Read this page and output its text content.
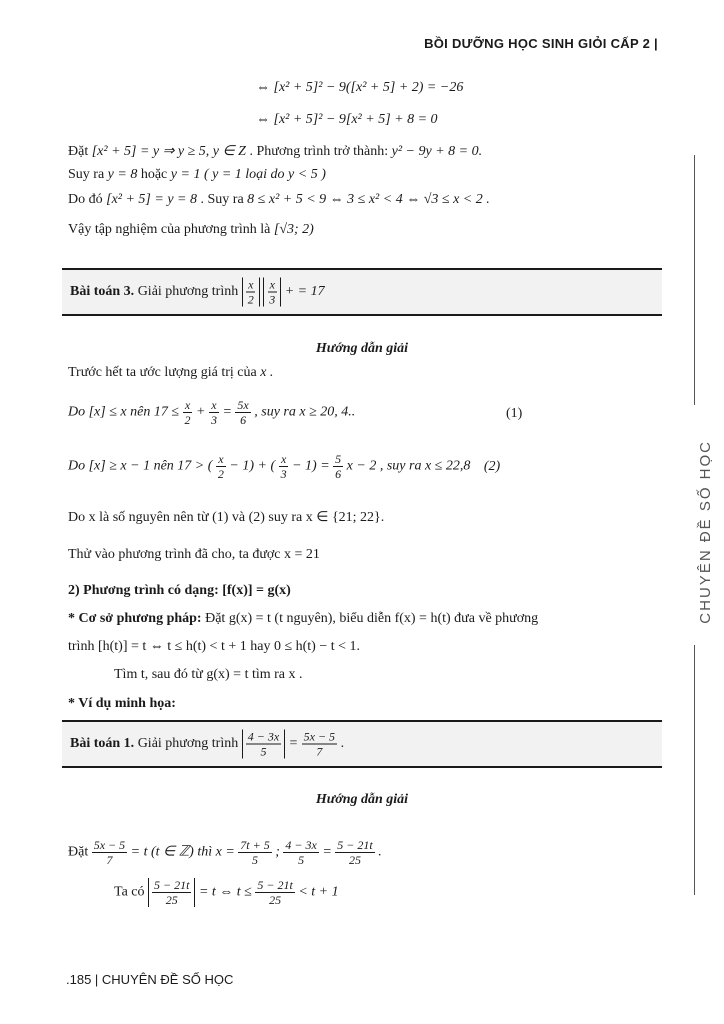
BỒI DƯỠNG HỌC SINH GIỎI CẤP 2 |
CHUYÊN ĐỀ SỐ HỌC
⇔ [x² + 5]² − 9([x² + 5] + 2) = −26
⇔ [x² + 5]² − 9[x² + 5] + 8 = 0
Đặt [x² + 5] = y ⇒ y ≥ 5, y ∈ Z . Phương trình trở thành: y² − 9y + 8 = 0.
Suy ra y = 8 hoặc y = 1 ( y = 1 loại do y < 5 )
Do đó [x² + 5] = y = 8 . Suy ra 8 ≤ x² + 5 < 9 ⇔ 3 ≤ x² < 4 ⇔ √3 ≤ x < 2 .
Vậy tập nghiệm của phương trình là [√3; 2)
Bài toán 3. Giải phương trình $\frac{x}{2}$
$\frac{x}{3}$ + = 17
Hướng dẫn giải
Trước hết ta ước lượng giá trị của x .
Do [x] ≤ x nên $17 \le \frac{x}{2} + \frac{x}{3} = \frac{5x}{6}$ , suy ra x ≥ 20, 4..	(1)
Do [x] ≥ x − 1 nên 17 > ( $\frac{x}{2} - 1$) + ( $\frac{x}{3} - 1) = \frac{5}{6}$ x − 2 , suy ra x ≤ 22,8 (2)
Do x là số nguyên nên từ (1) và (2) suy ra x ∈ {21; 22}.
Thử vào phương trình đã cho, ta được x = 21
2) Phương trình có dạng: [f(x)] = g(x)
* Cơ sở phương pháp: Đặt g(x) = t (t nguyên), biểu diễn f(x) = h(t) đưa về phương
trình [h(t)] = t ⇔ t ≤ h(t) < t + 1 hay 0 ≤ h(t) − t < 1.
Tìm t, sau đó từ g(x) = t tìm ra x .
* Ví dụ minh họa:
Bài toán 1. Giải phương trình $\frac{4 - 3x}{5} = \frac{5x - 5}{7}$ .
Hướng dẫn giải
Đặt $\frac{5x - 5}{7} = t$ (t ∈ ℤ) thì $x = \frac{7t + 5}{5}$ ; $\frac{4 - 3x}{5} = \frac{5 - 21t}{25}$ .
Ta có $\frac{5 - 21t}{25} = t$ ⇔ $t \le \frac{5 - 21t}{25} < t + 1$
.185 | CHUYÊN ĐỀ SỐ HỌC
